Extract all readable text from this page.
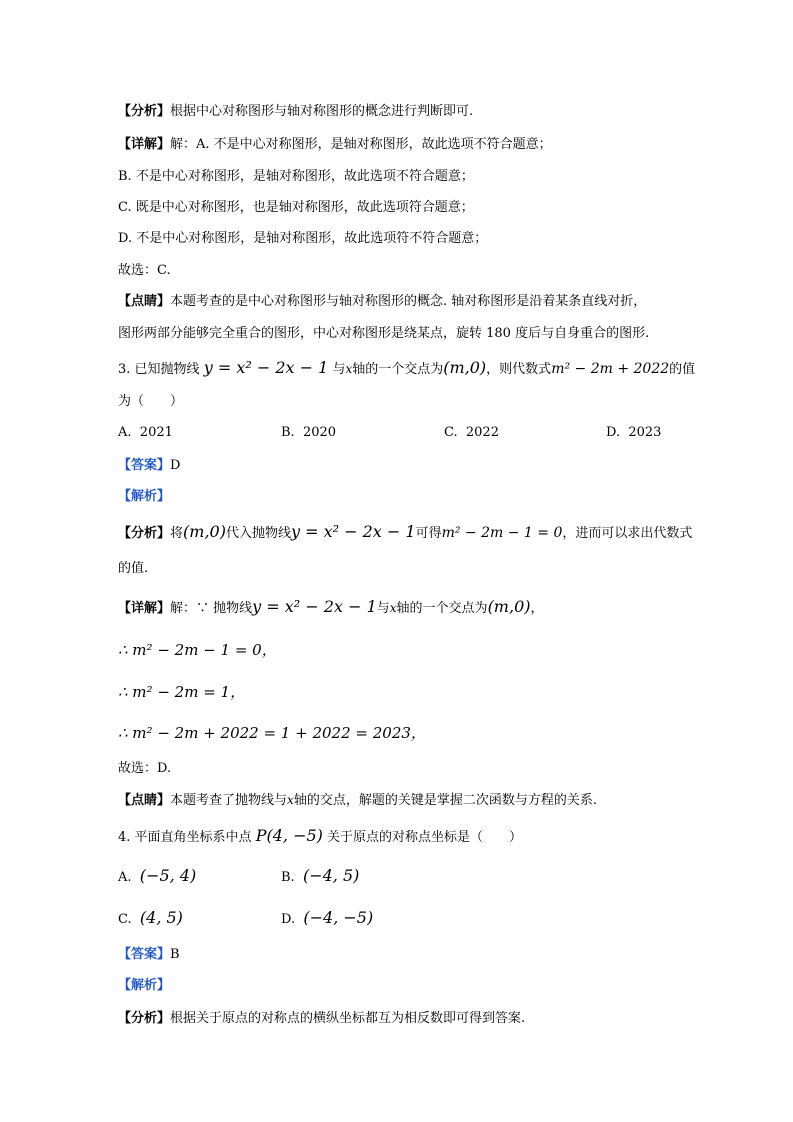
【分析】根据中心对称图形与轴对称图形的概念进行判断即可.
【详解】解：A. 不是中心对称图形，是轴对称图形，故此选项不符合题意；
B. 不是中心对称图形，是轴对称图形，故此选项不符合题意；
C. 既是中心对称图形，也是轴对称图形，故此选项符合题意；
D. 不是中心对称图形，是轴对称图形，故此选项符不符合题意；
故选：C.
【点睛】本题考查的是中心对称图形与轴对称图形的概念. 轴对称图形是沿着某条直线对折，
图形两部分能够完全重合的图形，中心对称图形是绕某点，旋转 180 度后与自身重合的图形.
3. 已知抛物线 y = x² − 2x − 1 与x轴的一个交点为(m,0)，则代数式m² − 2m + 2022的值
为（　　）
A. 2021	B. 2020	C. 2022	D. 2023
【答案】D
【解析】
【分析】将(m,0)代入抛物线y = x² − 2x − 1可得m² − 2m − 1 = 0，进而可以求出代数式
的值.
【详解】解：∵ 抛物线y = x² − 2x − 1与x轴的一个交点为(m,0)，
∴ m² − 2m − 1 = 0，
∴ m² − 2m = 1，
∴ m² − 2m + 2022 = 1 + 2022 = 2023，
故选：D.
【点睛】本题考查了抛物线与x轴的交点，解题的关键是掌握二次函数与方程的关系.
4. 平面直角坐标系中点 P(4, −5) 关于原点的对称点坐标是（　　）
A. (−5, 4)	B. (−4, 5)
C. (4, 5)	D. (−4, −5)
【答案】B
【解析】
【分析】根据关于原点的对称点的横纵坐标都互为相反数即可得到答案.
